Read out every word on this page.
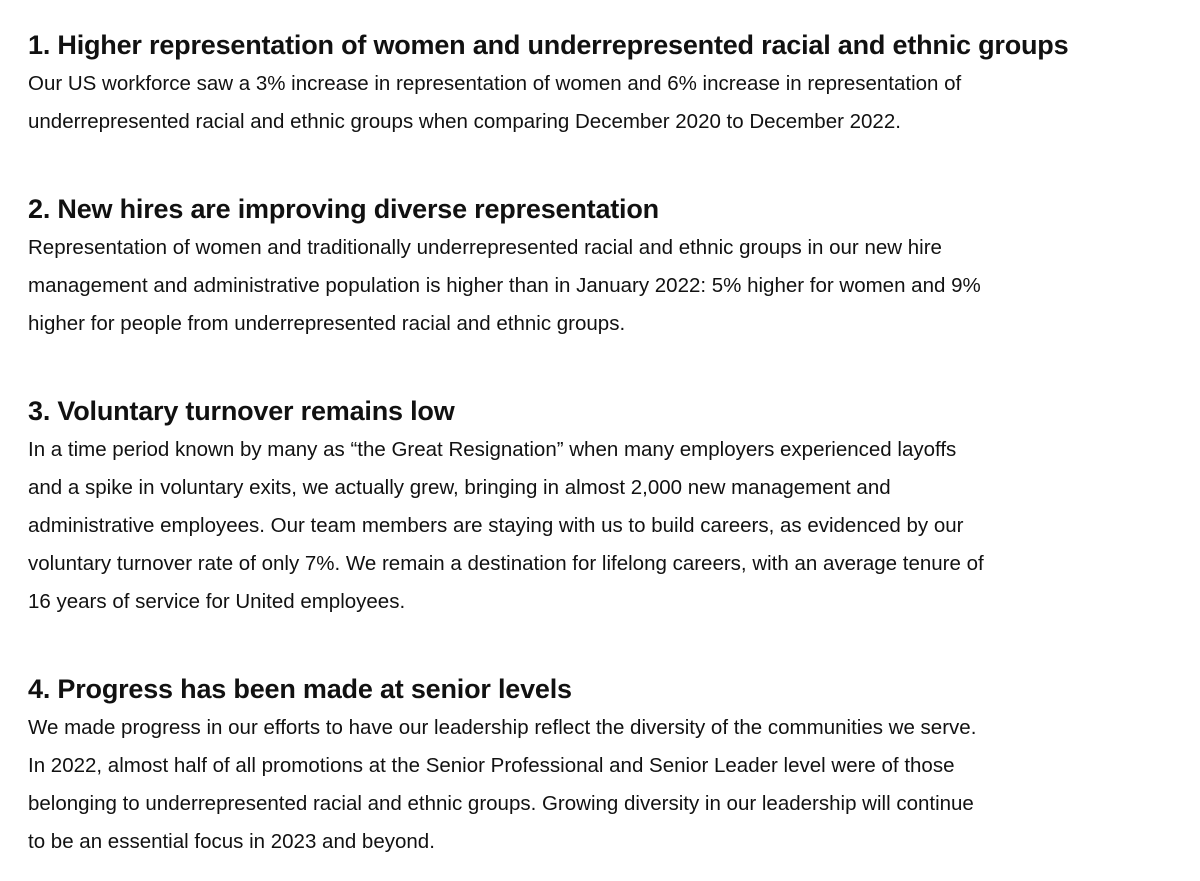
1. Higher representation of women and underrepresented racial and ethnic groups

Our US workforce saw a 3% increase in representation of women and 6% increase in representation of
underrepresented racial and ethnic groups when comparing December 2020 to December 2022.

2. New hires are improving diverse representation

Representation of women and traditionally underrepresented racial and ethnic groups in our new hire
management and administrative population is higher than in January 2022: 5% higher for women and 9%
higher for people from underrepresented racial and ethnic groups.

3. Voluntary turnover remains low

In a time period known by many as “the Great Resignation” when many employers experienced layoffs
and a spike in voluntary exits, we actually grew, bringing in almost 2,000 new management and
administrative employees. Our team members are staying with us to build careers, as evidenced by our
voluntary turnover rate of only 7%. We remain a destination for lifelong careers, with an average tenure of
16 years of service for United employees.

4. Progress has been made at senior levels

We made progress in our efforts to have our leadership reflect the diversity of the communities we serve.
In 2022, almost half of all promotions at the Senior Professional and Senior Leader level were of those
belonging to underrepresented racial and ethnic groups. Growing diversity in our leadership will continue
to be an essential focus in 2023 and beyond.
